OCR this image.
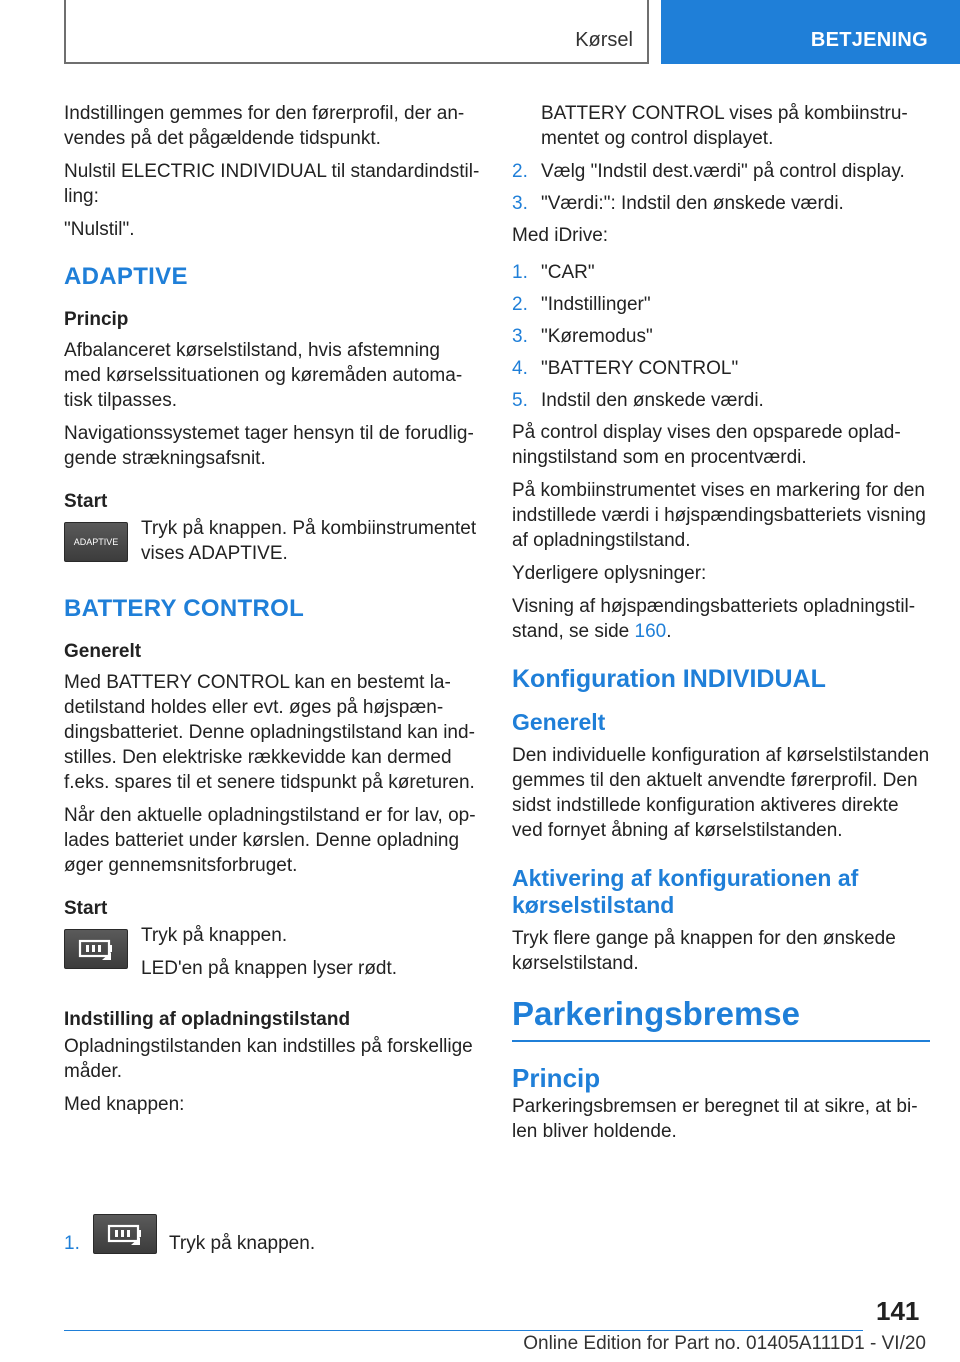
Kørsel	BETJENING

Indstillingen gemmes for den førerprofil, der anvendes på det pågældende tidspunkt.

Nulstil ELECTRIC INDIVIDUAL til standardindstilling:

"Nulstil".

ADAPTIVE
Princip

Afbalanceret kørselstilstand, hvis afstemning med kørselssituationen og køremåden automatisk tilpasses.

Navigationssystemet tager hensyn til de forudliggende strækningsafsnit.

Start
ADAPTIVE

Tryk på knappen. På kombiinstrumentet vises ADAPTIVE.

BATTERY CONTROL
Generelt

Med BATTERY CONTROL kan en bestemt ladetilstand holdes eller evt. øges på højspændingsbatteriet. Denne opladningstilstand kan indstilles. Den elektriske rækkevidde kan dermed f.eks. spares til et senere tidspunkt på køreturen.

Når den aktuelle opladningstilstand er for lav, oplades batteriet under kørslen. Denne opladning øger gennemsnitsforbruget.

Start

Tryk på knappen.

LED'en på knappen lyser rødt.

Indstilling af opladningstilstand

Opladningstilstanden kan indstilles på forskellige måder.

Med knappen:

1.	Tryk på knappen.

BATTERY CONTROL vises på kombiinstrumentet og control displayet.

2. Vælg "Indstil dest.værdi" på control display.
3. "Værdi:": Indstil den ønskede værdi.

Med iDrive:

1. "CAR"
2. "Indstillinger"
3. "Køremodus"
4. "BATTERY CONTROL"
5. Indstil den ønskede værdi.

På control display vises den opsparede opladningstilstand som en procentværdi.

På kombiinstrumentet vises en markering for den indstillede værdi i højspændingsbatteriets visning af opladningstilstand.

Yderligere oplysninger:

Visning af højspændingsbatteriets opladningstilstand, se side 160.

Konfiguration INDIVIDUAL
Generelt

Den individuelle konfiguration af kørselstilstanden gemmes til den aktuelt anvendte førerprofil. Den sidst indstillede konfiguration aktiveres direkte ved fornyet åbning af kørselstilstanden.

Aktivering af konfigurationen af kørselstilstand

Tryk flere gange på knappen for den ønskede kørselstilstand.

Parkeringsbremse
Princip

Parkeringsbremsen er beregnet til at sikre, at bilen bliver holdende.

141
Online Edition for Part no. 01405A111D1 - VI/20
